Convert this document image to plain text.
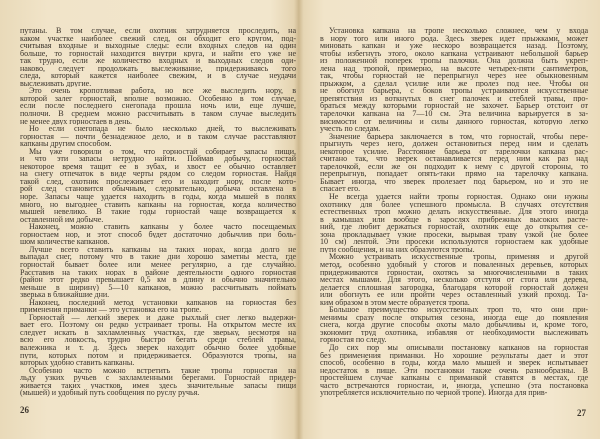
путаны. В том случае, если охотник затрудняется проследить, на
каком участке наиболее свежий след, он обходит его кругом, под-
считывая входные и выходные следы: если входных следов на один
больше, то горностай находится внутри круга, и найти его уже не
так трудно, если же количество входных и выходных следов оди-
наково, следует продолжать выслеживание, придерживаясь того
следа, который кажется наиболее свежим, и в случае неудачи
выслеживать другие.
Это очень кропотливая работа, но все же выследить нору, в
которой залег горностай, вполне возможно. Особенно в том случае,
если после последнего снегопада прошла ночь или, еще лучше,
полночи. В среднем можно рассчитывать в таком случае выследить
не менее двух горностаев в день.
Но если снегопада не было несколько дней, то выслеживать
горностая — почти безнадежное дело, и в таком случае расставляют
капканы другим способом.
Мы уже говорили о том, что горностай собирает запасы пищи,
и что эти запасы нетрудно найти. Поймав добычу, горностай
некоторое время тащит ее в зубах, и хвост ее обычно оставляет
на снегу отпечаток в виде черты рядом со следом горностая. Найдя
такой след, охотник прослеживает его и находит нору, после кото-
рой след становится обычным, следовательно, добыча оставлена в
норе. Запасы чаще удается находить в годы, когда мышей в полях
много, но выгоднее ставить капканы на горностая, когда количество
мышей невелико. В такие годы горностай чаще возвращается к
оставленной им добыче.
Наконец, можно ставить капканы у более часто посещаемых
горностаем нор, и этот способ будет достаточно добычлив при боль-
шом количестве капканов.
Лучше всего ставить капканы на таких норах, когда долго не
выпадал снег, потому что в такие дни хорошо заметны места, где
горностай бывает более или менее регулярно, а где случайно.
Расставив на таких норах в районе деятельности одного горностая
(район этот редко превышает 0,5 км в длину и обычно значительно
меньше в ширину) 5—10 капканов, можно рассчитывать поймать
зверька в ближайшие дни.
Наконец, последний метод установки капканов на горностая без
применения приманки — это установка его на тропе.
Горностай — легкий зверек и даже рыхлый снег легко выдержи-
вает его. Поэтому он редко устраивает тропы. На открытом месте их
следует искать в захламленных участках, где зверьку, несмотря на
всю его ловкость, трудно быстро бегать среди стеблей травы,
валежника и т. д. Здесь зверек находит обычно более удобные
пути, которых потом и придерживается. Образуются тропы, на
которых удобно ставить капканы.
Особенно часто можно встретить такие тропы горностая на
льду узких ручьев с захламленными берегами. Горностай придер-
живается таких участков, имея здесь значительные запасы пищи
(мышей) и удобный путь сообщения по руслу ручья.
Установка капкана на тропе несколько сложнее, чем у входа
в нору того или иного рода. Здесь зверек идет прыжками, может
миновать капкан и уже нескоро возвращается назад. Поэтому,
чтобы избегнуть этого, около капкана устраивают небольшой барьер
из положенной поперек тропы палочки. Она должна быть укреп-
лена над тропой, примерно, на высоте четырех-пяти сантиметров,
так, чтобы горностай не перепрыгнул через нее обыкновенным
прыжком, а сделал усилие или же пролез под нее. Чтобы он
не обогнул барьера, с боков тропы устраиваются искусственные
препятствия из воткнутых в снег палочек и стеблей травы, про-
браться между которыми горностай не захочет. Барьер отстоит от
тарелочки капкана на 7—10 см. Эта величина варьируется в за-
висимости от величины и силы данного горностая, которую легко
учесть по следам.
Значение барьера заключается в том, что горностай, чтобы пере-
прыгнуть через него, должен остановиться перед ним и сделать
некоторое усилие. Расстояние барьера от тарелочки капкана рас-
считано так, что зверек останавливается перед ним как раз над
тарелочкой, если же он подходит к нему с другой стороны, то
перепрыгнув, попадает опять-таки прямо на тарелочку капкана.
Бывает иногда, что зверек пролезает под барьером, но и это не
спасает его.
Не всегда удается найти тропы горностая. Однако они нужны
охотнику для более успешного промысла. В случаях отсутствия
естественных троп можно делать искусственные. Для этого иногда
в камышах или вообще в зарослях прибрежных высоких расте-
ний, где любит держаться горностай, охотник еще до открытия се-
зона прокладывает узкие просеки, вырывая траву узкой (не более
10 см) лентой. Эти просеки используются горностаем как удобные
пути сообщения, и на них образуются тропы.
Можно устраивать искусственные тропы, применяя и другой
метод, особенно удобный у стогов и поваленных деревьев, которых
придерживаются горностаи, охотясь за многочисленными в таких
местах мышами. Для этого, несколько отступя от стога или дерева,
делается сплошная загородка, благодаря которой горностай должен
или обогнуть ее или пройти через оставленный узкий проход. Та-
ким образом в этом месте образуется тропа.
Большое преимущество искусственных троп то, что они при-
менимы сразу после открытия сезона, иногда еще до появления
снега, когда другие способы охоты мало добычливы и, кроме того,
экономит труд охотника, избавляя от необходимости выслеживать
горностая по следу.
До сих пор мы описывали постановку капканов на горностая
без применения приманки. Но хорошие результаты дает и этот
способ, особенно в годы, когда мало мышей и зверек испытывает
недостаток в пище. Эти постановки также очень разнообразны. В
простейшем случае капканы с приманкой ставятся в местах, где
часто встречаются горностаи, и, иногда, успешно (эта постановка
употребляется исключительно по черной тропе). Иногда для прив-
26	27
